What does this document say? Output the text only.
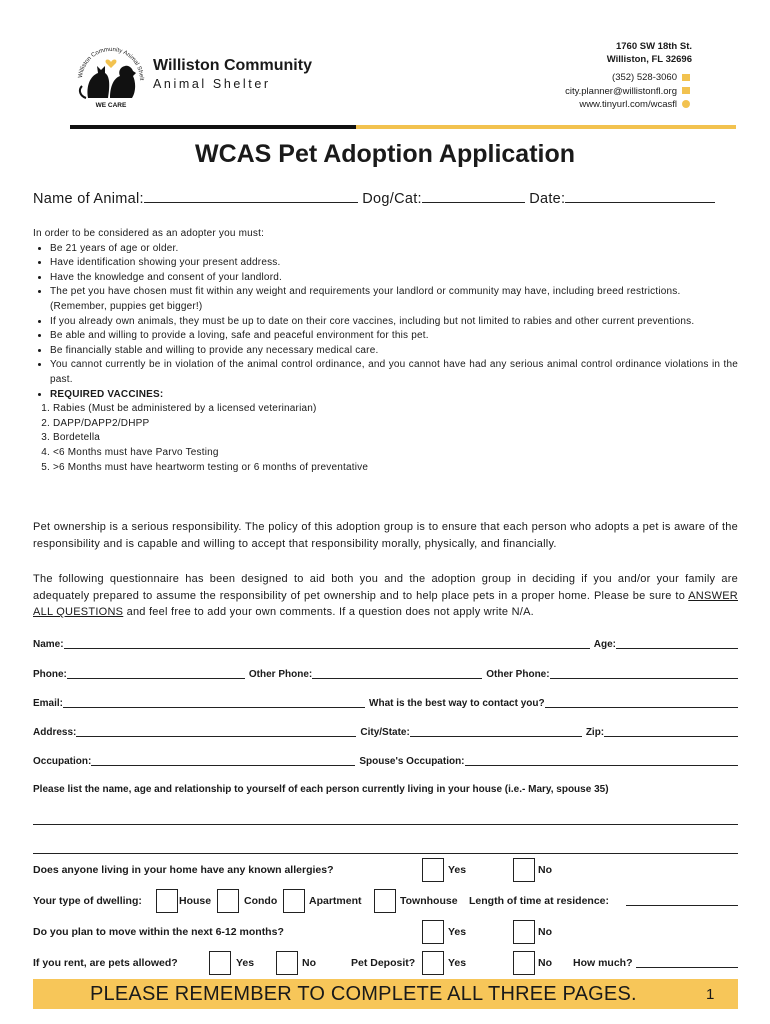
Williston Community Animal Shelt
WE CARE
Williston Community
Animal Shelter
1760 SW 18th St.
Williston, FL 32696
(352) 528-3060
city.planner@willistonfl.org
www.tinyurl.com/wcasfl
WCAS Pet Adoption Application
Name of Animal:	Dog/Cat:	Date:
In order to be considered as an adopter you must:
• Be 21 years of age or older.
• Have identification showing your present address.
• Have the knowledge and consent of your landlord.
• The pet you have chosen must fit within any weight and requirements your landlord or community may have, including breed restrictions. (Remember, puppies get bigger!)
• If you already own animals, they must be up to date on their core vaccines, including but not limited to rabies and other current preventions.
• Be able and willing to provide a loving, safe and peaceful environment for this pet.
• Be financially stable and willing to provide any necessary medical care.
• You cannot currently be in violation of the animal control ordinance, and you cannot have had any serious animal control ordinance violations in the past.
• REQUIRED VACCINES:
1. Rabies (Must be administered by a licensed veterinarian)
2. DAPP/DAPP2/DHPP
3. Bordetella
4. <6 Months must have Parvo Testing
5. >6 Months must have heartworm testing or 6 months of preventative
Pet ownership is a serious responsibility. The policy of this adoption group is to ensure that each person who adopts a pet is aware of the responsibility and is capable and willing to accept that responsibility morally, physically, and financially.
The following questionnaire has been designed to aid both you and the adoption group in deciding if you and/or your family are adequately prepared to assume the responsibility of pet ownership and to help place pets in a proper home. Please be sure to ANSWER ALL QUESTIONS and feel free to add your own comments. If a question does not apply write N/A.
Name:	Age:
Phone:	Other Phone:	Other Phone:
Email:	What is the best way to contact you?
Address:	City/State:	Zip:
Occupation:	Spouse's Occupation:
Please list the name, age and relationship to yourself of each person currently living in your house (i.e.- Mary, spouse 35)
Does anyone living in your home have any known allergies?	Yes	No
Your type of dwelling:	House	Condo	Apartment	Townhouse Length of time at residence:
Do you plan to move within the next 6-12 months?	Yes	No
If you rent, are pets allowed?	Yes	No	Pet Deposit?	Yes	No How much?
PLEASE REMEMBER TO COMPLETE ALL THREE PAGES.	1
